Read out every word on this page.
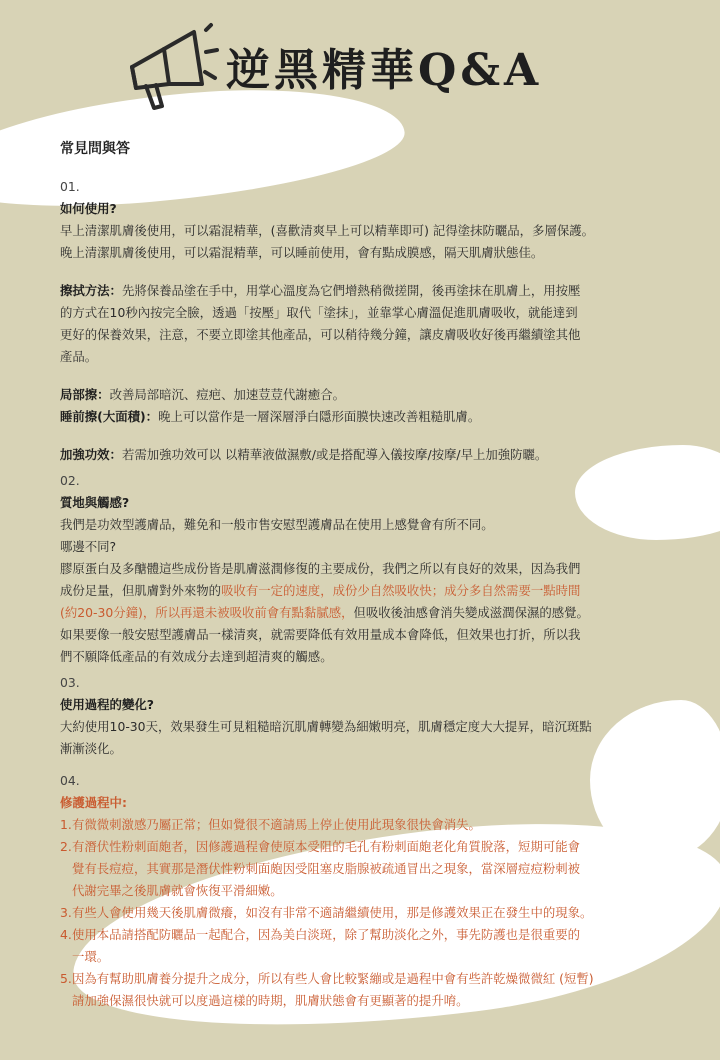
逆黑精華Q&A
常見問與答
01.
如何使用?
早上清潔肌膚後使用，可以霜混精華，(喜歡清爽早上可以精華即可) 記得塗抹防曬品，多層保護。
晚上清潔肌膚後使用，可以霜混精華，可以睡前使用，會有點成膜感，隔天肌膚狀態佳。
擦拭方法：先將保養品塗在手中，用掌心溫度為它們增熱稍微搓開，後再塗抹在肌膚上，用按壓
的方式在10秒內按完全臉，透過「按壓」取代「塗抹」，並靠掌心膚溫促進肌膚吸收，就能達到
更好的保養效果，注意，不要立即塗其他產品，可以稍待幾分鐘，讓皮膚吸收好後再繼續塗其他
產品。
局部擦：改善局部暗沉、痘疤、加速荳荳代謝癒合。
睡前擦(大面積)：晚上可以當作是一層深層淨白隱形面膜快速改善粗糙肌膚。
加強功效：若需加強功效可以 以精華液做濕敷/或是搭配導入儀按摩/按摩/早上加強防曬。
02.
質地與觸感?
我們是功效型護膚品，難免和一般市售安慰型護膚品在使用上感覺會有所不同。
哪邊不同?
膠原蛋白及多醣體這些成份皆是肌膚滋潤修復的主要成份，我們之所以有良好的效果，因為我們
成份足量，但肌膚對外來物的吸收有一定的速度，成份少自然吸收快；成分多自然需要一點時間
(約20-30分鐘)，所以再還未被吸收前會有點黏膩感，但吸收後油感會消失變成滋潤保濕的感覺。
如果要像一般安慰型護膚品一樣清爽，就需要降低有效用量成本會降低，但效果也打折，所以我
們不願降低產品的有效成分去達到超清爽的觸感。
03.
使用過程的變化?
大約使用10-30天，效果發生可見粗糙暗沉肌膚轉變為細嫩明亮，肌膚穩定度大大提昇，暗沉斑點
漸漸淡化。
04.
修護過程中:
1. 有微微刺激感乃屬正常；但如覺很不適請馬上停止使用此現象很快會消失。
2. 有潛伏性粉刺面皰者，因修護過程會使原本受阻的毛孔有粉刺面皰老化角質脫落，短期可能會
覺有長痘痘，其實那是潛伏性粉刺面皰因受阻塞皮脂腺被疏通冒出之現象，當深層痘痘粉刺被
代謝完畢之後肌膚就會恢復平滑細嫩。
3. 有些人會使用幾天後肌膚微癢，如沒有非常不適請繼續使用，那是修護效果正在發生中的現象。
4. 使用本品請搭配防曬品一起配合，因為美白淡斑，除了幫助淡化之外，事先防護也是很重要的
一環。
5. 因為有幫助肌膚養分提升之成分，所以有些人會比較緊繃或是過程中會有些許乾燥微微紅 (短暫)
請加強保濕很快就可以度過這樣的時期，肌膚狀態會有更顯著的提升唷。
